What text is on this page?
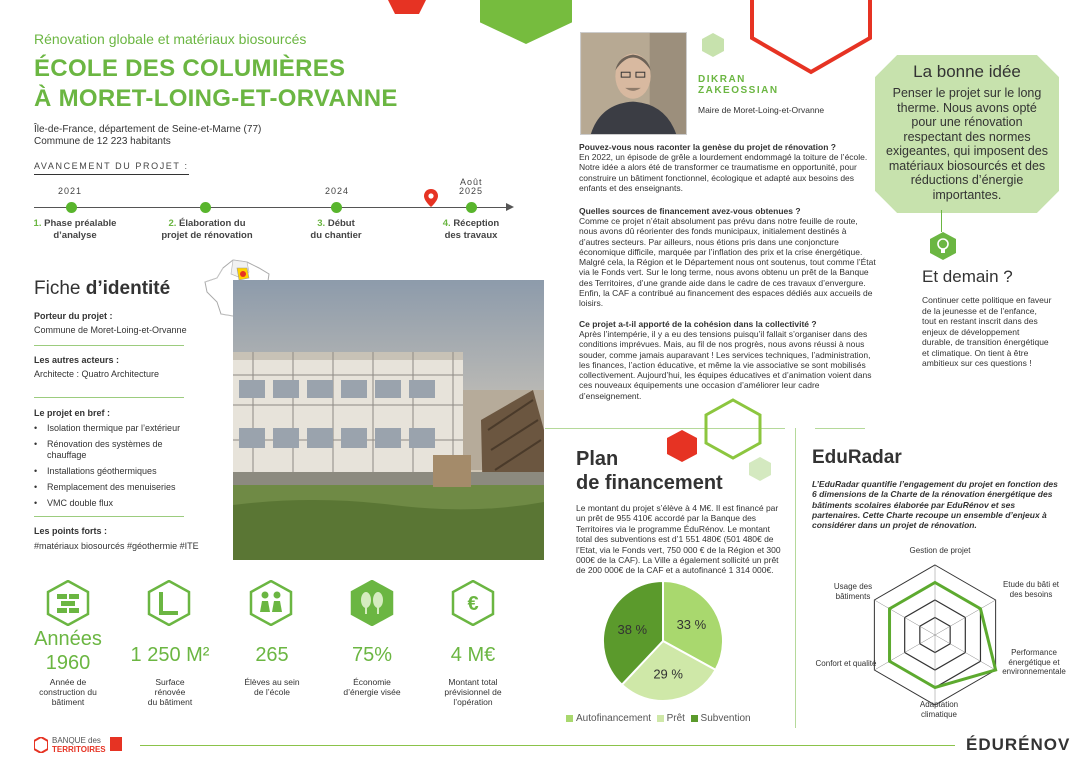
Rénovation globale et matériaux biosourcés
ÉCOLE DES COLUMIÈRES
À MORET-LOING-ET-ORVANNE
Île-de-France, département de Seine-et-Marne (77)
Commune de 12 223 habitants
AVANCEMENT DU PROJET :
2021	2024
Août
2025
1. Phase préalable
d’analyse
2. Élaboration du
projet de rénovation
3. Début
du chantier
4. Réception
des travaux
Fiche d’identité
Porteur du projet :
Commune de Moret-Loing-et-Orvanne
Les autres acteurs :
Architecte : Quatro Architecture
Le projet en bref :
• Isolation thermique par l’extérieur
• Rénovation des systèmes de chauffage
• Installations géothermiques
• Remplacement des menuiseries
• VMC double flux
Les points forts :
#matériaux biosourcés #géothermie #ITE
€
Années
1960
Année de
construction du
bâtiment
1 250 M²
Surface
rénovée
du bâtiment
265
Élèves au sein
de l’école
75%
Économie
d’énergie visée
4 M€
Montant total
prévisionnel de
l’opération
DIKRAN
ZAKEOSSIAN
Maire de Moret-Loing-et-Orvanne
Pouvez-vous nous raconter la genèse du projet de rénovation ?
En 2022, un épisode de grêle a lourdement endommagé la toiture de l’école. Notre idée a alors été de transformer ce traumatisme en opportunité, pour construire un bâtiment fonctionnel, écologique et adapté aux besoins des enfants et des enseignants.
Quelles sources de financement avez-vous obtenues ?
Comme ce projet n’était absolument pas prévu dans notre feuille de route, nous avons dû réorienter des fonds municipaux, initialement destinés à d’autres secteurs. Par ailleurs, nous étions pris dans une conjoncture économique difficile, marquée par l’inflation des prix et la crise énergétique. Malgré cela, la Région et le Département nous ont soutenus, tout comme l’État via le Fonds vert. Sur le long terme, nous avons obtenu un prêt de la Banque des Territoires, d’une grande aide dans le cadre de ces travaux d’envergure. Enfin, la CAF a contribué au financement des espaces dédiés aux accueils de loisirs.
Ce projet a-t-il apporté de la cohésion dans la collectivité ?
Après l’intempérie, il y a eu des tensions puisqu’il fallait s’organiser dans des conditions imprévues. Mais, au fil de nos progrès, nous avons réussi à nous souder, comme jamais auparavant ! Les services techniques, l’administration, les finances, l’action éducative, et même la vie associative se sont mobilisés collectivement. Aujourd’hui, les équipes éducatives et d’animation voient dans ces nouveaux équipements une occasion d’améliorer leur cadre d’enseignement.
La bonne idée
Penser le projet sur le long therme. Nous avons opté pour une rénovation respectant des normes exigeantes, qui imposent des matériaux biosourcés et des réductions d’énergie importantes.
Et demain ?
Continuer cette politique en faveur de la jeunesse et de l’enfance, tout en restant inscrit dans des enjeux de développement durable, de transition énergétique et climatique. On tient à être ambitieux sur ces questions !
Plan
de financement
Le montant du projet s’élève à 4 M€. Il est financé par un prêt de 955 410€ accordé par la Banque des Territoires via le programme ÉduRénov. Le montant total des subventions est d’1 551 480€ (501 480€ de l’Etat, via le Fonds vert, 750 000 € de la Région et 300 000€ de la CAF). La Ville a également sollicité un prêt de 200 000€ de la CAF et a autofinancé 1 314 000€.
33 %
29 %
38 %
Autofinancement Prêt Subvention
EduRadar
L’EduRadar quantifie l’engagement du projet en fonction des 6 dimensions de la Charte de la rénovation énergétique des bâtiments scolaires élaborée par EduRénov et ses partenaires. Cette Charte recoupe un ensemble d’enjeux à considérer dans un projet de rénovation.
Gestion de projet
Etude du bâti et des besoins
Performance énergétique et environnementale
Adaptation climatique
Confort et qualité
Usage des bâtiments
BANQUE des
TERRITOIRES	ÉDURÉNOV
